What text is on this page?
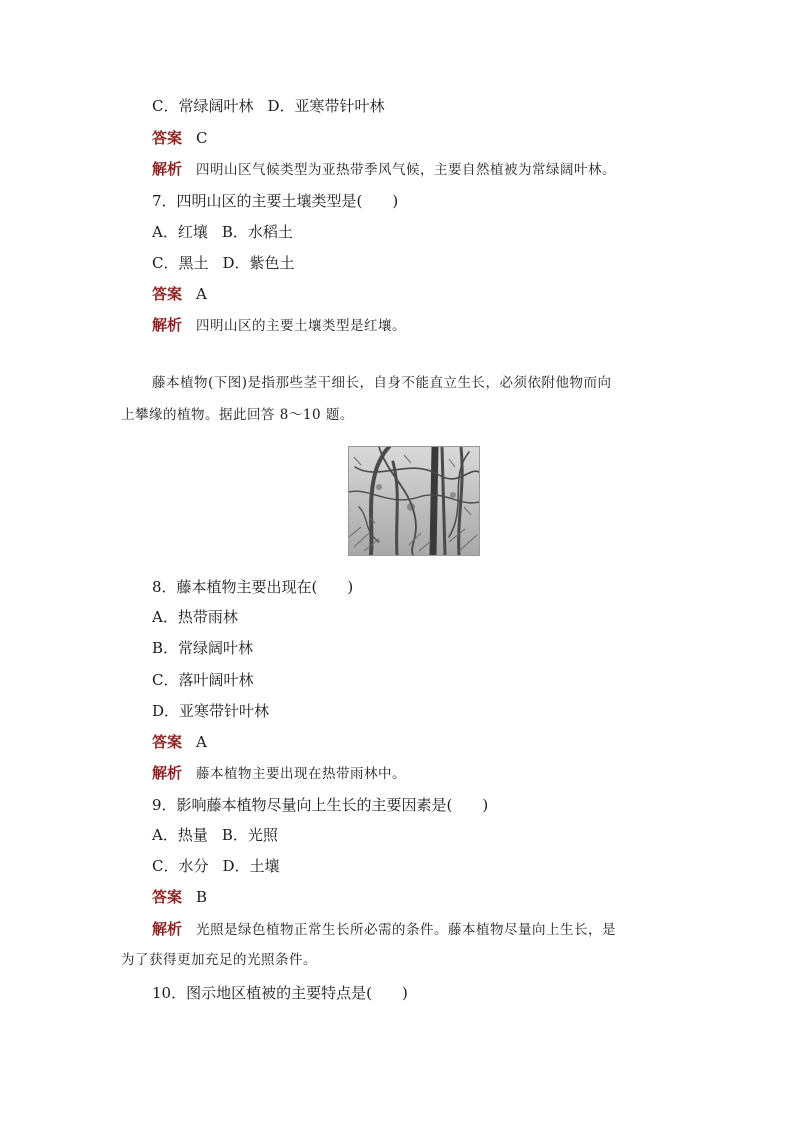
C．常绿阔叶林 D．亚寒带针叶林
答案 C
解析 四明山区气候类型为亚热带季风气候，主要自然植被为常绿阔叶林。
7．四明山区的主要土壤类型是(　　)
A．红壤 B．水稻土
C．黑土 D．紫色土
答案 A
解析 四明山区的主要土壤类型是红壤。
藤本植物(下图)是指那些茎干细长，自身不能直立生长，必须依附他物而向
上攀缘的植物。据此回答 8～10 题。
8．藤本植物主要出现在(　　)
A．热带雨林
B．常绿阔叶林
C．落叶阔叶林
D．亚寒带针叶林
答案 A
解析 藤本植物主要出现在热带雨林中。
9．影响藤本植物尽量向上生长的主要因素是(　　)
A．热量 B．光照
C．水分 D．土壤
答案 B
解析 光照是绿色植物正常生长所必需的条件。藤本植物尽量向上生长，是
为了获得更加充足的光照条件。
10．图示地区植被的主要特点是(　　)
